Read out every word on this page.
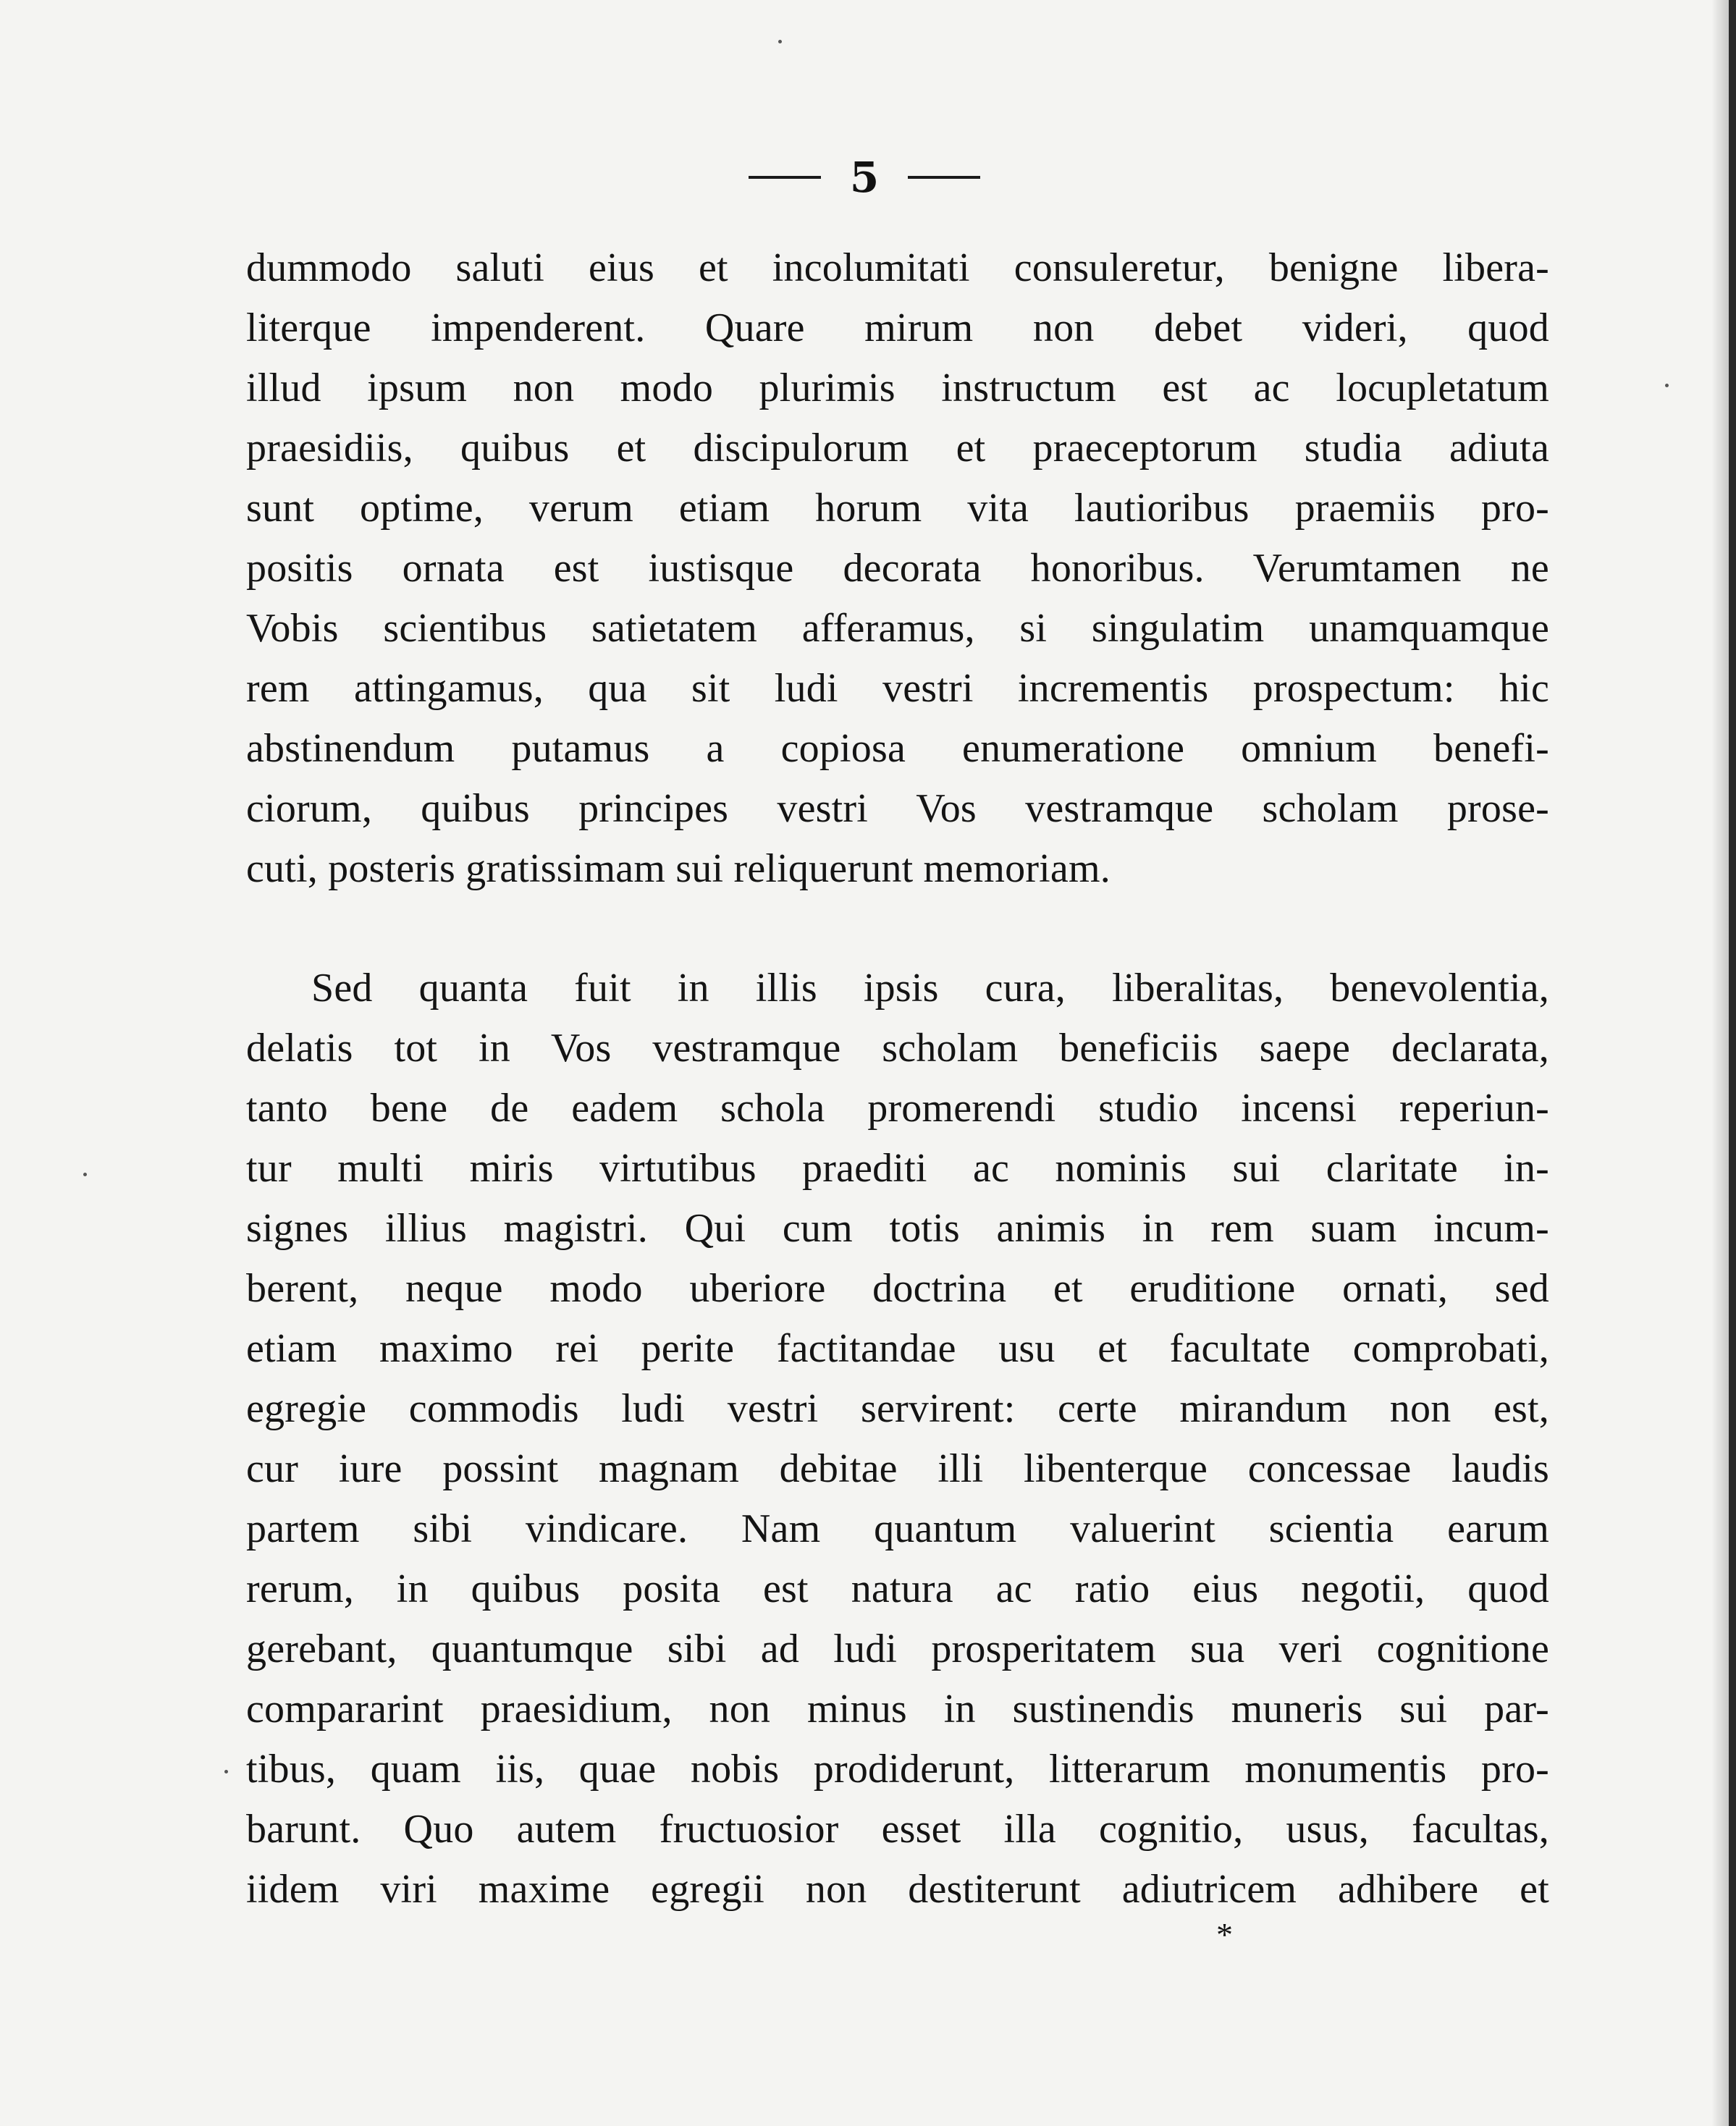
5
dummodo saluti eius et incolumitati consuleretur, benigne libera-
literque impenderent. Quare mirum non debet videri, quod
illud ipsum non modo plurimis instructum est ac locupletatum
praesidiis, quibus et discipulorum et praeceptorum studia adiuta
sunt optime, verum etiam horum vita lautioribus praemiis pro-
positis ornata est iustisque decorata honoribus. Verumtamen ne
Vobis scientibus satietatem afferamus, si singulatim unamquamque
rem attingamus, qua sit ludi vestri incrementis prospectum: hic
abstinendum putamus a copiosa enumeratione omnium benefi-
ciorum, quibus principes vestri Vos vestramque scholam prose-
cuti, posteris gratissimam sui reliquerunt memoriam.
Sed quanta fuit in illis ipsis cura, liberalitas, benevolentia,
delatis tot in Vos vestramque scholam beneficiis saepe declarata,
tanto bene de eadem schola promerendi studio incensi reperiun-
tur multi miris virtutibus praediti ac nominis sui claritate in-
signes illius magistri. Qui cum totis animis in rem suam incum-
berent, neque modo uberiore doctrina et eruditione ornati, sed
etiam maximo rei perite factitandae usu et facultate comprobati,
egregie commodis ludi vestri servirent: certe mirandum non est,
cur iure possint magnam debitae illi libenterque concessae laudis
partem sibi vindicare. Nam quantum valuerint scientia earum
rerum, in quibus posita est natura ac ratio eius negotii, quod
gerebant, quantumque sibi ad ludi prosperitatem sua veri cognitione
compararint praesidium, non minus in sustinendis muneris sui par-
tibus, quam iis, quae nobis prodiderunt, litterarum monumentis pro-
barunt. Quo autem fructuosior esset illa cognitio, usus, facultas,
iidem viri maxime egregii non destiterunt adiutricem adhibere et
*
